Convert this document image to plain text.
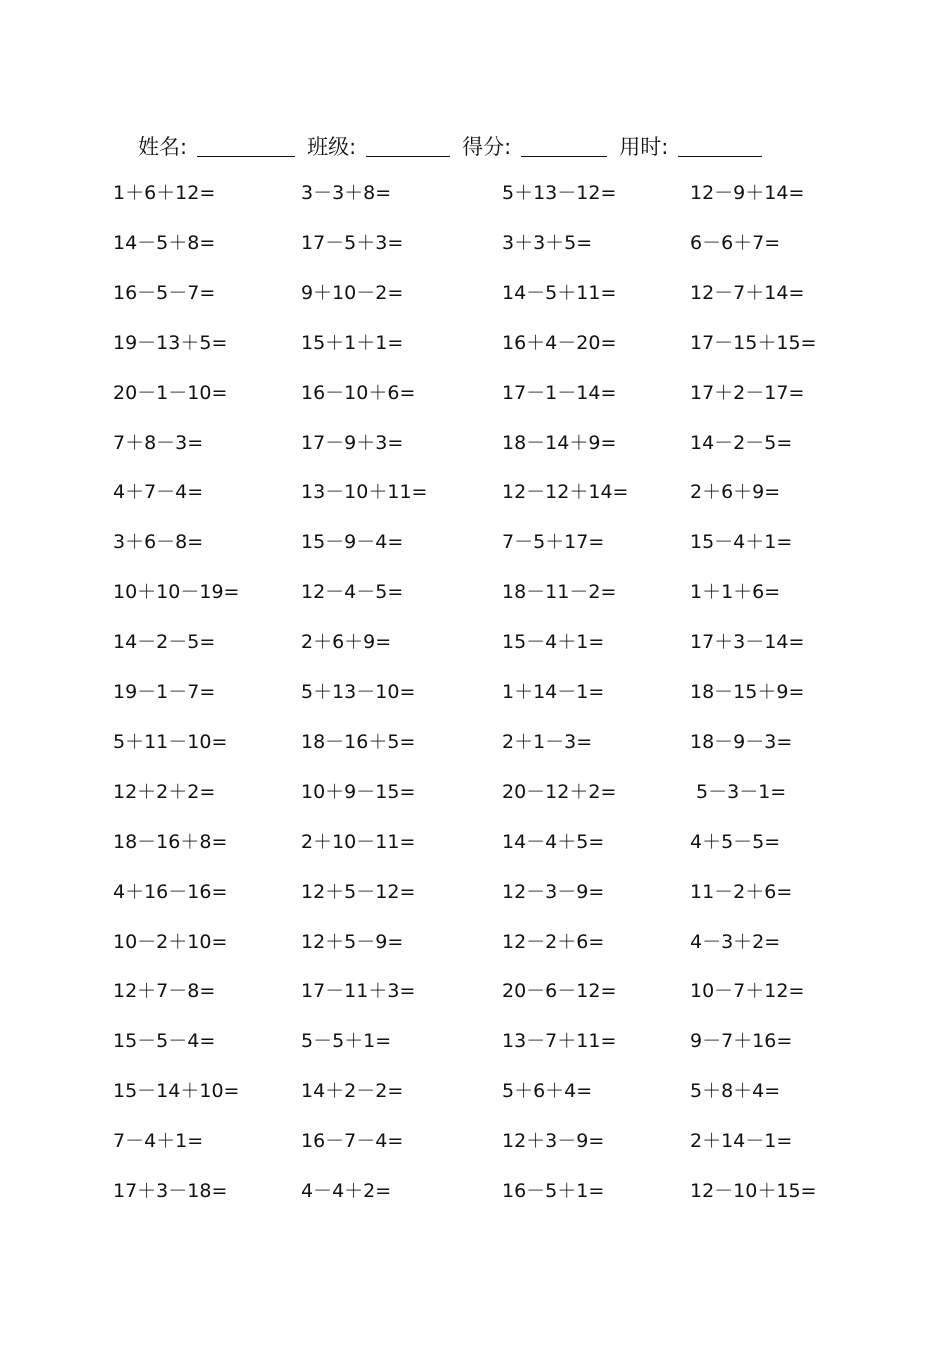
姓名:	班级:	得分:	用时:
1＋6＋12=	3－3＋8=	5＋13－12=	12－9＋14=
14－5＋8=	17－5＋3=	3＋3＋5=	6－6＋7=
16－5－7=	9＋10－2=	14－5＋11=	12－7＋14=
19－13＋5=	15＋1＋1=	16＋4－20=	17－15＋15=
20－1－10=	16－10＋6=	17－1－14=	17＋2－17=
7＋8－3=	17－9＋3=	18－14＋9=	14－2－5=
4＋7－4=	13－10＋11=	12－12＋14=	2＋6＋9=
3＋6－8=	15－9－4=	7－5＋17=	15－4＋1=
10＋10－19=	12－4－5=	18－11－2=	1＋1＋6=
14－2－5=	2＋6＋9=	15－4＋1=	17＋3－14=
19－1－7=	5＋13－10=	1＋14－1=	18－15＋9=
5＋11－10=	18－16＋5=	2＋1－3=	18－9－3=
12＋2＋2=	10＋9－15=	20－12＋2=	5－3－1=
18－16＋8=	2＋10－11=	14－4＋5=	4＋5－5=
4＋16－16=	12＋5－12=	12－3－9=	11－2＋6=
10－2＋10=	12＋5－9=	12－2＋6=	4－3＋2=
12＋7－8=	17－11＋3=	20－6－12=	10－7＋12=
15－5－4=	5－5＋1=	13－7＋11=	9－7＋16=
15－14＋10=	14＋2－2=	5＋6＋4=	5＋8＋4=
7－4＋1=	16－7－4=	12＋3－9=	2＋14－1=
17＋3－18=	4－4＋2=	16－5＋1=	12－10＋15=
